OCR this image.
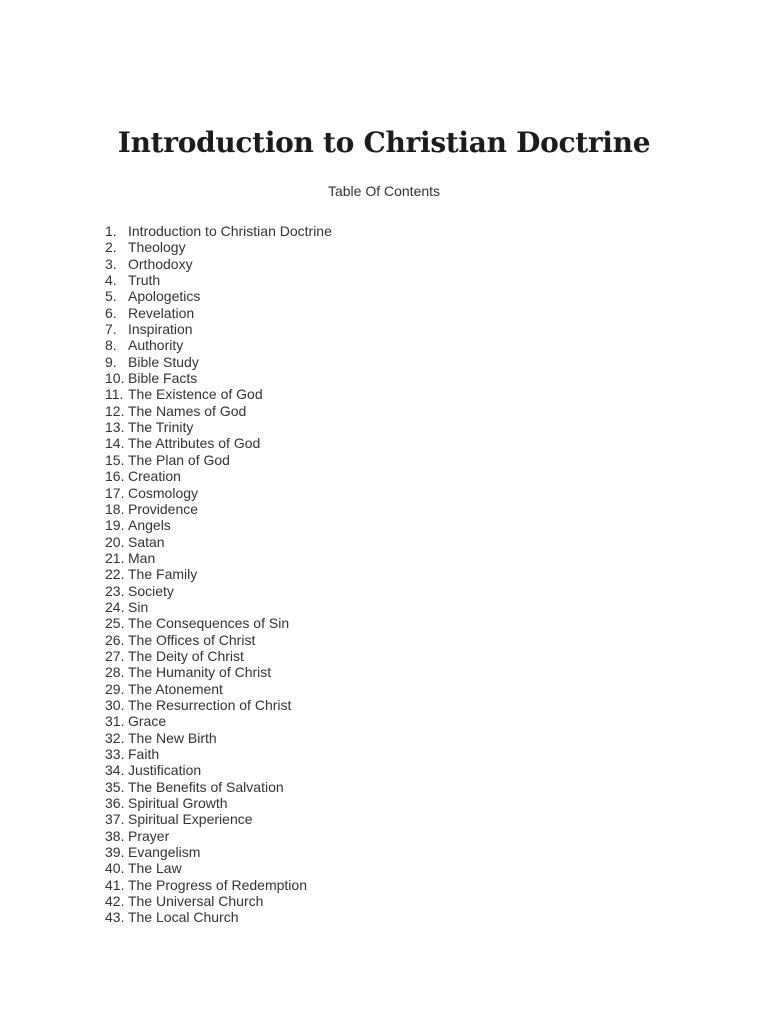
Introduction to Christian Doctrine
Table Of Contents
1. Introduction to Christian Doctrine
2. Theology
3. Orthodoxy
4. Truth
5. Apologetics
6. Revelation
7. Inspiration
8. Authority
9. Bible Study
10. Bible Facts
11. The Existence of God
12. The Names of God
13. The Trinity
14. The Attributes of God
15. The Plan of God
16. Creation
17. Cosmology
18. Providence
19. Angels
20. Satan
21. Man
22. The Family
23. Society
24. Sin
25. The Consequences of Sin
26. The Offices of Christ
27. The Deity of Christ
28. The Humanity of Christ
29. The Atonement
30. The Resurrection of Christ
31. Grace
32. The New Birth
33. Faith
34. Justification
35. The Benefits of Salvation
36. Spiritual Growth
37. Spiritual Experience
38. Prayer
39. Evangelism
40. The Law
41. The Progress of Redemption
42. The Universal Church
43. The Local Church
